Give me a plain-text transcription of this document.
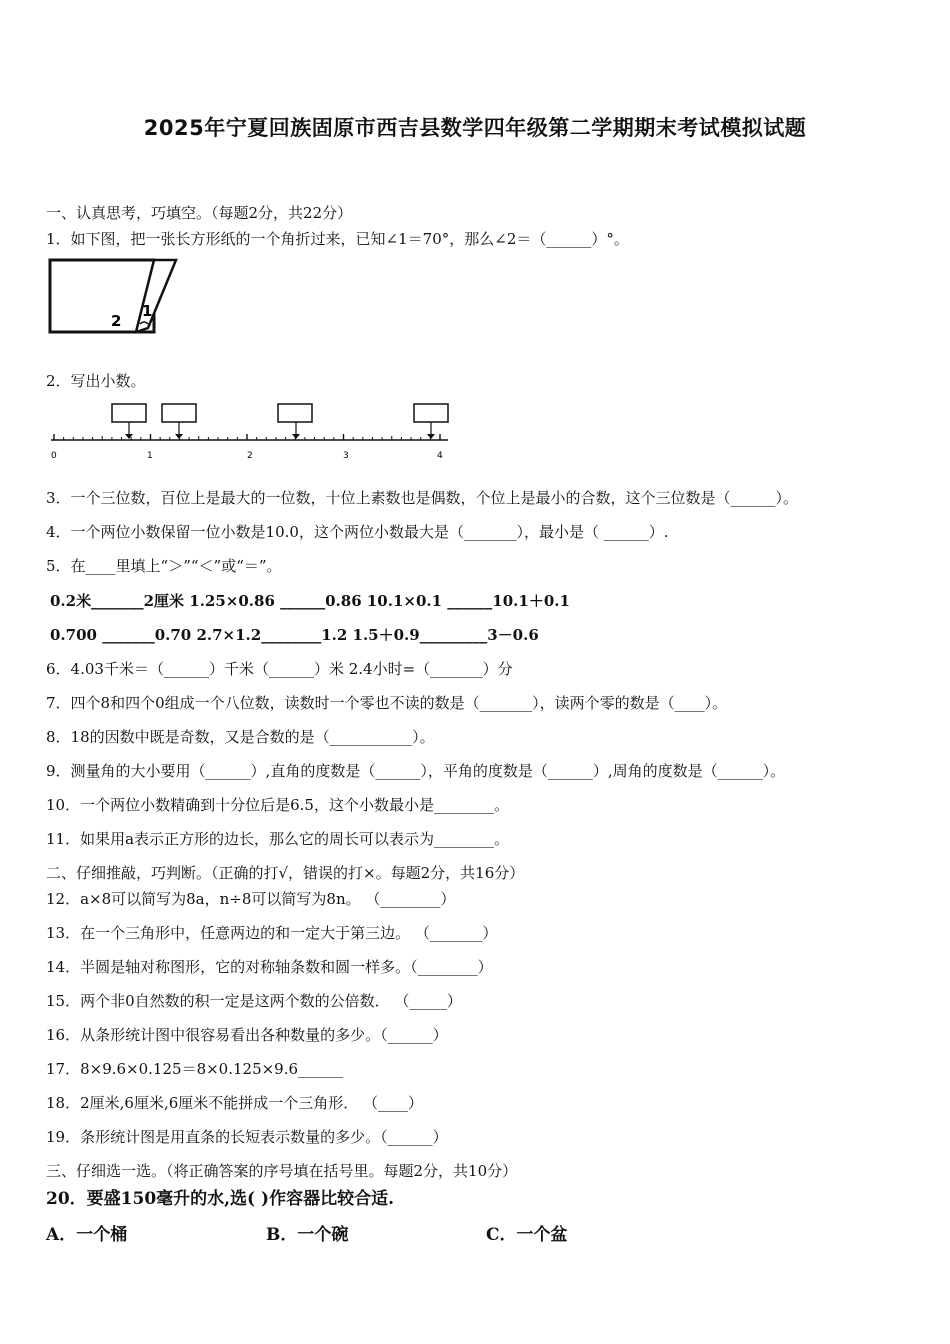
2025年宁夏回族固原市西吉县数学四年级第二学期期末考试模拟试题
一、认真思考，巧填空。（每题2分，共22分）
1．如下图，把一张长方形纸的一个角折过来，已知∠1＝70°，那么∠2＝（______）°。
2
1
2．写出小数。
0	1	2	3	4
3．一个三位数，百位上是最大的一位数，十位上素数也是偶数，个位上是最小的合数，这个三位数是（______）。
4．一个两位小数保留一位小数是10.0，这个两位小数最大是（_______），最小是（ ______）.
5．在____里填上“＞”“＜”或“＝”。
0.2米_______2厘米 1.25×0.86 ______0.86 10.1×0.1 ______10.1＋0.1
0.700 _______0.70 2.7×1.2________1.2 1.5＋0.9_________3－0.6
6．4.03千米＝（______）千米（______）米 2.4小时=（_______）分
7．四个8和四个0组成一个八位数，读数时一个零也不读的数是（_______），读两个零的数是（____）。
8．18的因数中既是奇数，又是合数的是（___________）。
9．测量角的大小要用（______）,直角的度数是（______），平角的度数是（______）,周角的度数是（______）。
10．一个两位小数精确到十分位后是6.5，这个小数最小是________。
11．如果用a表示正方形的边长，那么它的周长可以表示为________。
二、仔细推敲，巧判断。（正确的打√，错误的打×。每题2分，共16分）
12．a×8可以简写为8a，n÷8可以简写为8n。 （________）
13．在一个三角形中，任意两边的和一定大于第三边。 （_______）
14．半圆是轴对称图形，它的对称轴条数和圆一样多。（________）
15．两个非0自然数的积一定是这两个数的公倍数． （_____）
16．从条形统计图中很容易看出各种数量的多少。（______）
17．8×9.6×0.125＝8×0.125×9.6______
18．2厘米,6厘米,6厘米不能拼成一个三角形． （____）
19．条形统计图是用直条的长短表示数量的多少。（______）
三、仔细选一选。（将正确答案的序号填在括号里。每题2分，共10分）
20．要盛150毫升的水,选( )作容器比较合适.
A．一个桶	B．一个碗	C．一个盆
